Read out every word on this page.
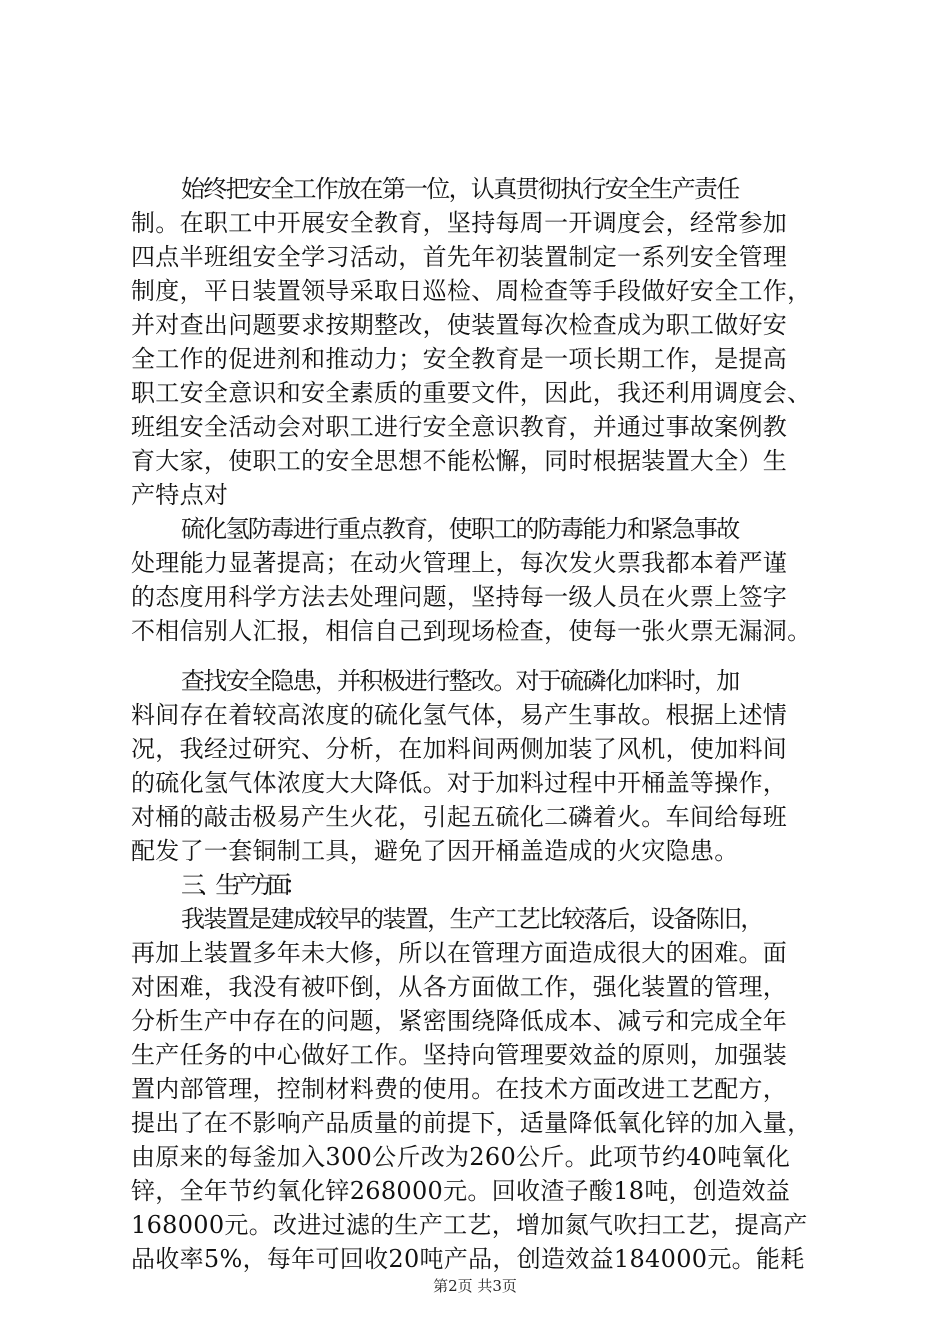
始终把安全工作放在第一位，认真贯彻执行安全生产责任
制。在职工中开展安全教育，坚持每周一开调度会，经常参加
四点半班组安全学习活动，首先年初装置制定一系列安全管理
制度，平日装置领导采取日巡检、周检查等手段做好安全工作，
并对查出问题要求按期整改，使装置每次检查成为职工做好安
全工作的促进剂和推动力；安全教育是一项长期工作，是提高
职工安全意识和安全素质的重要文件，因此，我还利用调度会、
班组安全活动会对职工进行安全意识教育，并通过事故案例教
育大家，使职工的安全思想不能松懈，同时根据装置大全）生
产特点对
硫化氢防毒进行重点教育，使职工的防毒能力和紧急事故
处理能力显著提高；在动火管理上，每次发火票我都本着严谨
的态度用科学方法去处理问题，坚持每一级人员在火票上签字
不相信别人汇报，相信自己到现场检查，使每一张火票无漏洞。
查找安全隐患，并积极进行整改。对于硫磷化加料时，加
料间存在着较高浓度的硫化氢气体，易产生事故。根据上述情
况，我经过研究、分析，在加料间两侧加装了风机，使加料间
的硫化氢气体浓度大大降低。对于加料过程中开桶盖等操作，
对桶的敲击极易产生火花，引起五硫化二磷着火。车间给每班
配发了一套铜制工具，避免了因开桶盖造成的火灾隐患。
三、生产方面：
我装置是建成较早的装置，生产工艺比较落后，设备陈旧，
再加上装置多年未大修，所以在管理方面造成很大的困难。面
对困难，我没有被吓倒，从各方面做工作，强化装置的管理，
分析生产中存在的问题，紧密围绕降低成本、减亏和完成全年
生产任务的中心做好工作。坚持向管理要效益的原则，加强装
置内部管理，控制材料费的使用。在技术方面改进工艺配方，
提出了在不影响产品质量的前提下，适量降低氧化锌的加入量，
由原来的每釜加入300公斤改为260公斤。此项节约40吨氧化
锌，全年节约氧化锌268000元。回收渣子酸18吨，创造效益
168000元。改进过滤的生产工艺，增加氮气吹扫工艺，提高产
品收率5%，每年可回收20吨产品，创造效益184000元。能耗
第2页 共3页
